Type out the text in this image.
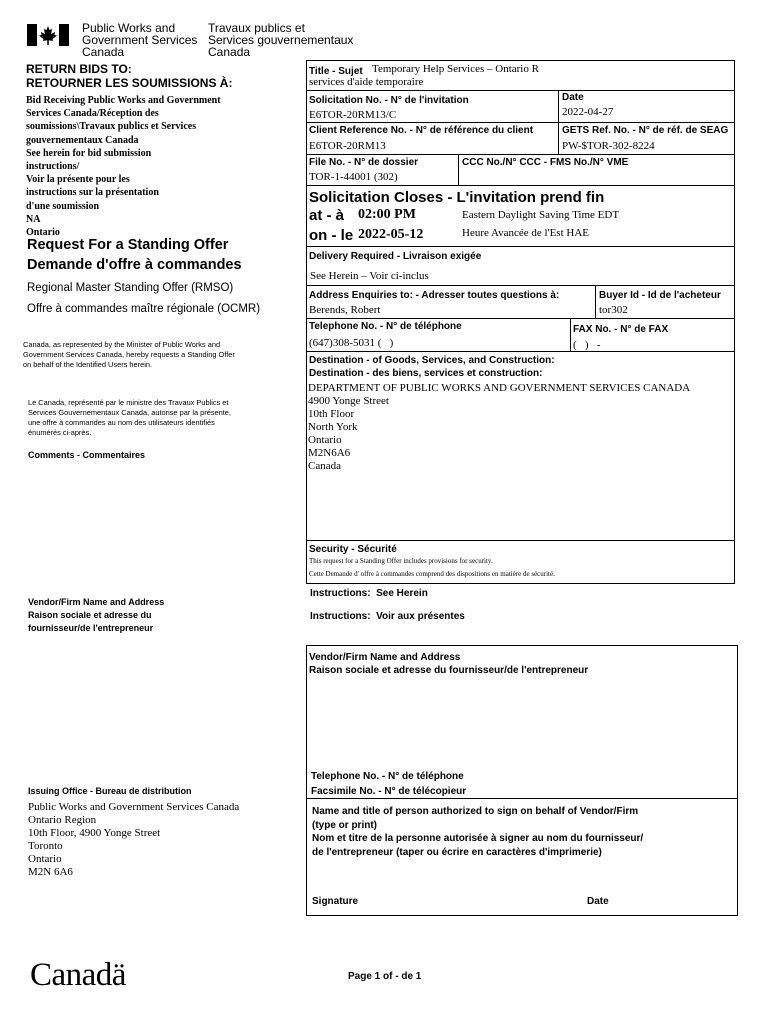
Public Works and
Government Services
Canada
Travaux publics et
Services gouvernementaux
Canada
RETURN BIDS TO:
RETOURNER LES SOUMISSIONS À:
Bid Receiving Public Works and Government
Services Canada/Réception des
soumissions\Travaux publics et Services
gouvernementaux Canada
See herein for bid submission
instructions/
Voir la présente pour les
instructions sur la présentation
d'une soumission
NA
Ontario
Request For a Standing Offer
Demande d'offre à commandes
Regional Master Standing Offer (RMSO)
Offre à commandes maître régionale (OCMR)
Canada, as represented by the Minister of Public Works and
Government Services Canada, hereby requests a Standing Offer
on behalf of the Identified Users herein.
Le Canada, représenté par le ministre des Travaux Publics et
Services Gouvernementaux Canada, autorise par la présente,
une offre à commandes au nom des utilisateurs identifiés
énumérés ci-après.
Comments - Commentaires
Vendor/Firm Name and Address
Raison sociale et adresse du
fournisseur/de l'entrepreneur
Issuing Office - Bureau de distribution
Public Works and Government Services Canada
Ontario Region
10th Floor, 4900 Yonge Street
Toronto
Ontario
M2N 6A6
Title - Sujet Temporary Help Services – Ontario R
services d'aide temporaire
Solicitation No. - N° de l'invitation
E6TOR-20RM13/C
Date
2022-04-27
Client Reference No. - N° de référence du client
E6TOR-20RM13
GETS Ref. No. - N° de réf. de SEAG
PW-$TOR-302-8224
File No. - N° de dossier
TOR-1-44001 (302)
CCC No./N° CCC - FMS No./N° VME
Solicitation Closes - L'invitation prend fin
at - à 02:00 PM
on - le 2022-05-12
Eastern Daylight Saving Time EDT
Heure Avancée de l'Est HAE
Delivery Required - Livraison exigée
See Herein – Voir ci-inclus
Address Enquiries to: - Adresser toutes questions à:
Berends, Robert
Buyer Id - Id de l'acheteur
tor302
Telephone No. - N° de téléphone
(647)308-5031 (   )
FAX No. - N° de FAX
(   )   -
Destination - of Goods, Services, and Construction:
Destination - des biens, services et construction:
DEPARTMENT OF PUBLIC WORKS AND GOVERNMENT SERVICES CANADA
4900 Yonge Street
10th Floor
North York
Ontario
M2N6A6
Canada
Security - Sécurité
This request for a Standing Offer includes provisions for security.
Cette Demande d' offre à commandes comprend des dispositions en matière de sécurité.
Instructions:  See Herein
Instructions:  Voir aux présentes
Vendor/Firm Name and Address
Raison sociale et adresse du fournisseur/de l'entrepreneur
Telephone No. - N° de téléphone
Facsimile No. - N° de télécopieur
Name and title of person authorized to sign on behalf of Vendor/Firm
(type or print)
Nom et titre de la personne autorisée à signer au nom du fournisseur/
de l'entrepreneur (taper ou écrire en caractères d'imprimerie)
Signature	Date
Canadä	Page 1 of - de 1
